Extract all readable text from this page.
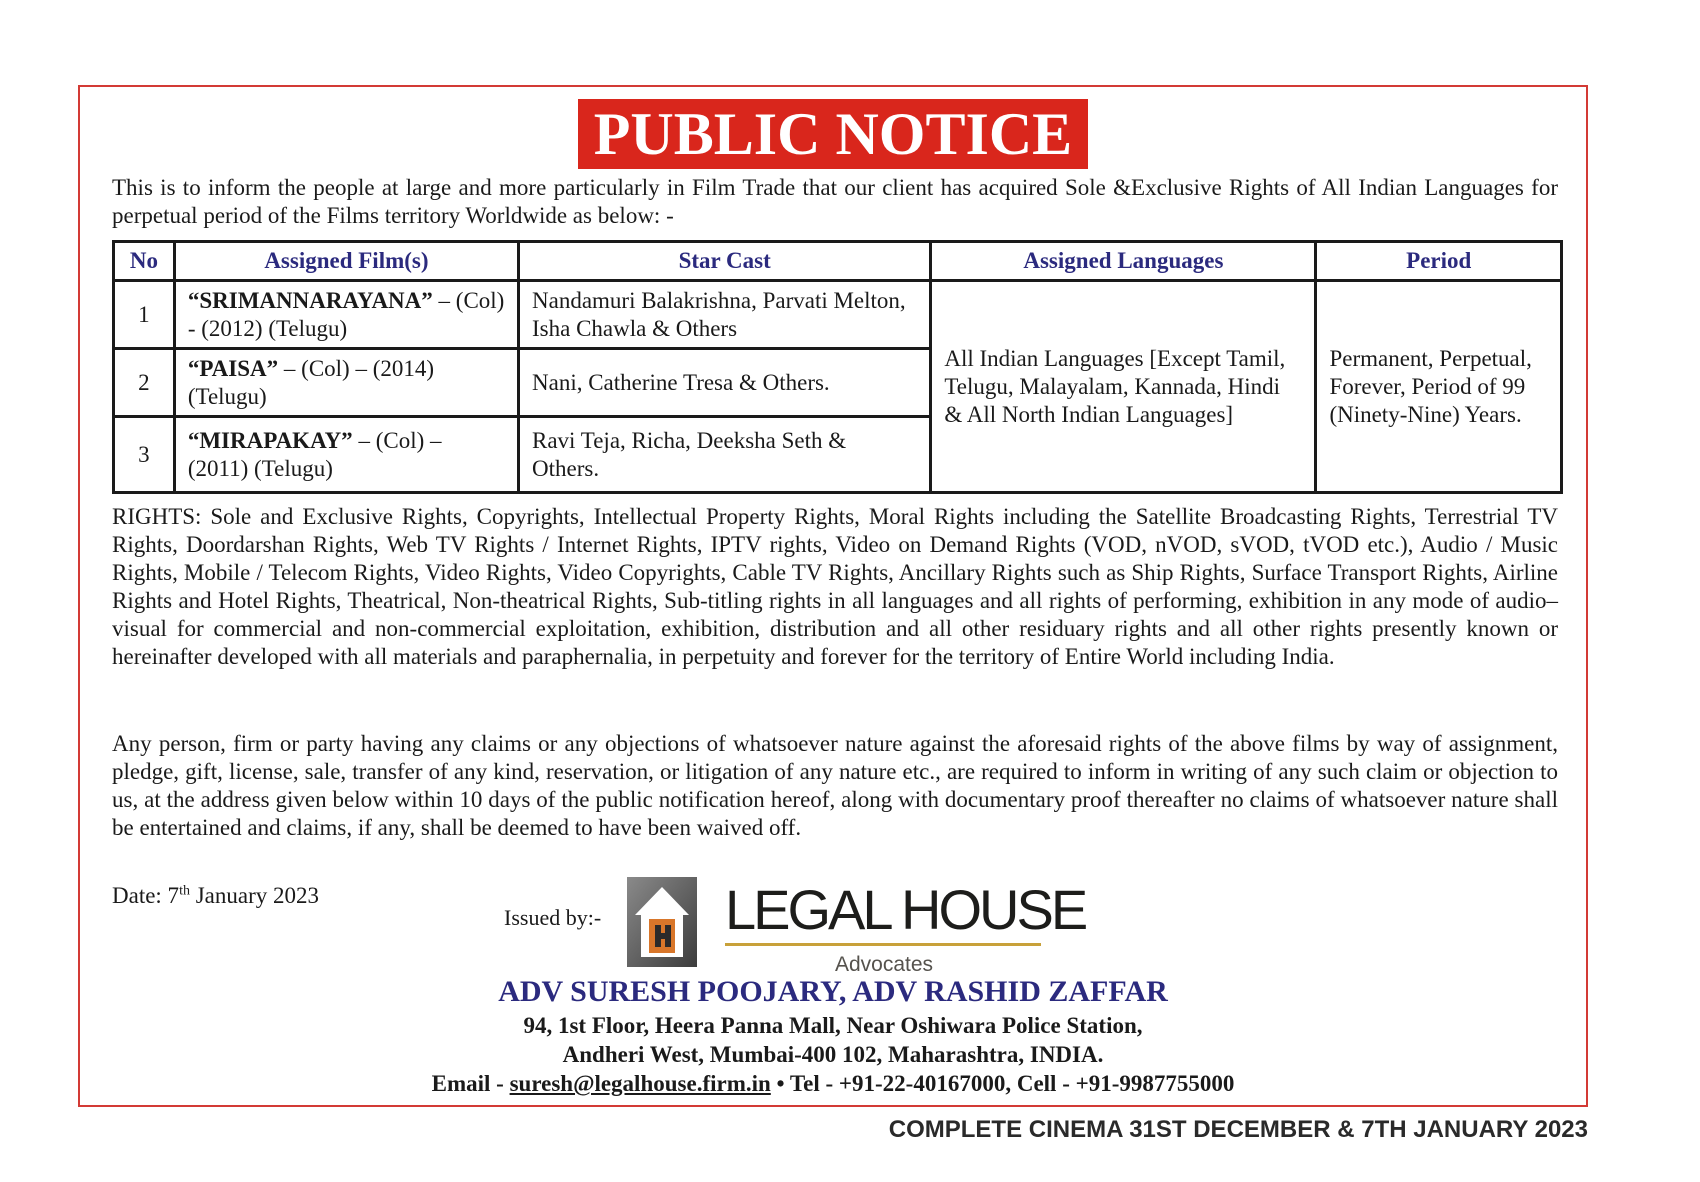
PUBLIC NOTICE
This is to inform the people at large and more particularly in Film Trade that our client has acquired Sole &Exclusive Rights of All Indian Languages for perpetual period of the Films territory Worldwide as below: -
No	Assigned Film(s)	Star Cast	Assigned Languages	Period
1	“SRIMANNARAYANA” – (Col) - (2012) (Telugu)	Nandamuri Balakrishna, Parvati Melton, Isha Chawla & Others	All Indian Languages [Except Tamil, Telugu, Malayalam, Kannada, Hindi & All North Indian Languages]	Permanent, Perpetual, Forever, Period of 99 (Ninety-Nine) Years.
2	“PAISA” – (Col) – (2014) (Telugu)	Nani, Catherine Tresa & Others.		
3	“MIRAPAKAY” – (Col) – (2011) (Telugu)	Ravi Teja, Richa, Deeksha Seth & Others.		
RIGHTS: Sole and Exclusive Rights, Copyrights, Intellectual Property Rights, Moral Rights including the Satellite Broadcasting Rights, Terrestrial TV Rights, Doordarshan Rights, Web TV Rights / Internet Rights, IPTV rights, Video on Demand Rights (VOD, nVOD, sVOD, tVOD etc.), Audio / Music Rights, Mobile / Telecom Rights, Video Rights, Video Copyrights, Cable TV Rights, Ancillary Rights such as Ship Rights, Surface Transport Rights, Airline Rights and Hotel Rights, Theatrical, Non-theatrical Rights, Sub-titling rights in all languages and all rights of performing, exhibition in any mode of audio–visual for commercial and non-commercial exploitation, exhibition, distribution and all other residuary rights and all other rights presently known or hereinafter developed with all materials and paraphernalia, in perpetuity and forever for the territory of Entire World including India.
Any person, firm or party having any claims or any objections of whatsoever nature against the aforesaid rights of the above films by way of assignment, pledge, gift, license, sale, transfer of any kind, reservation, or litigation of any nature etc., are required to inform in writing of any such claim or objection to us, at the address given below within 10 days of the public notification hereof, along with documentary proof thereafter no claims of whatsoever nature shall be entertained and claims, if any, shall be deemed to have been waived off.
Date: 7th January 2023
Issued by:- LEGAL HOUSE
Advocates
ADV SURESH POOJARY, ADV RASHID ZAFFAR
94, 1st Floor, Heera Panna Mall, Near Oshiwara Police Station,
Andheri West, Mumbai-400 102, Maharashtra, INDIA.
Email - suresh@legalhouse.firm.in • Tel - +91-22-40167000, Cell - +91-9987755000
COMPLETE CINEMA 31ST DECEMBER & 7TH JANUARY 2023
